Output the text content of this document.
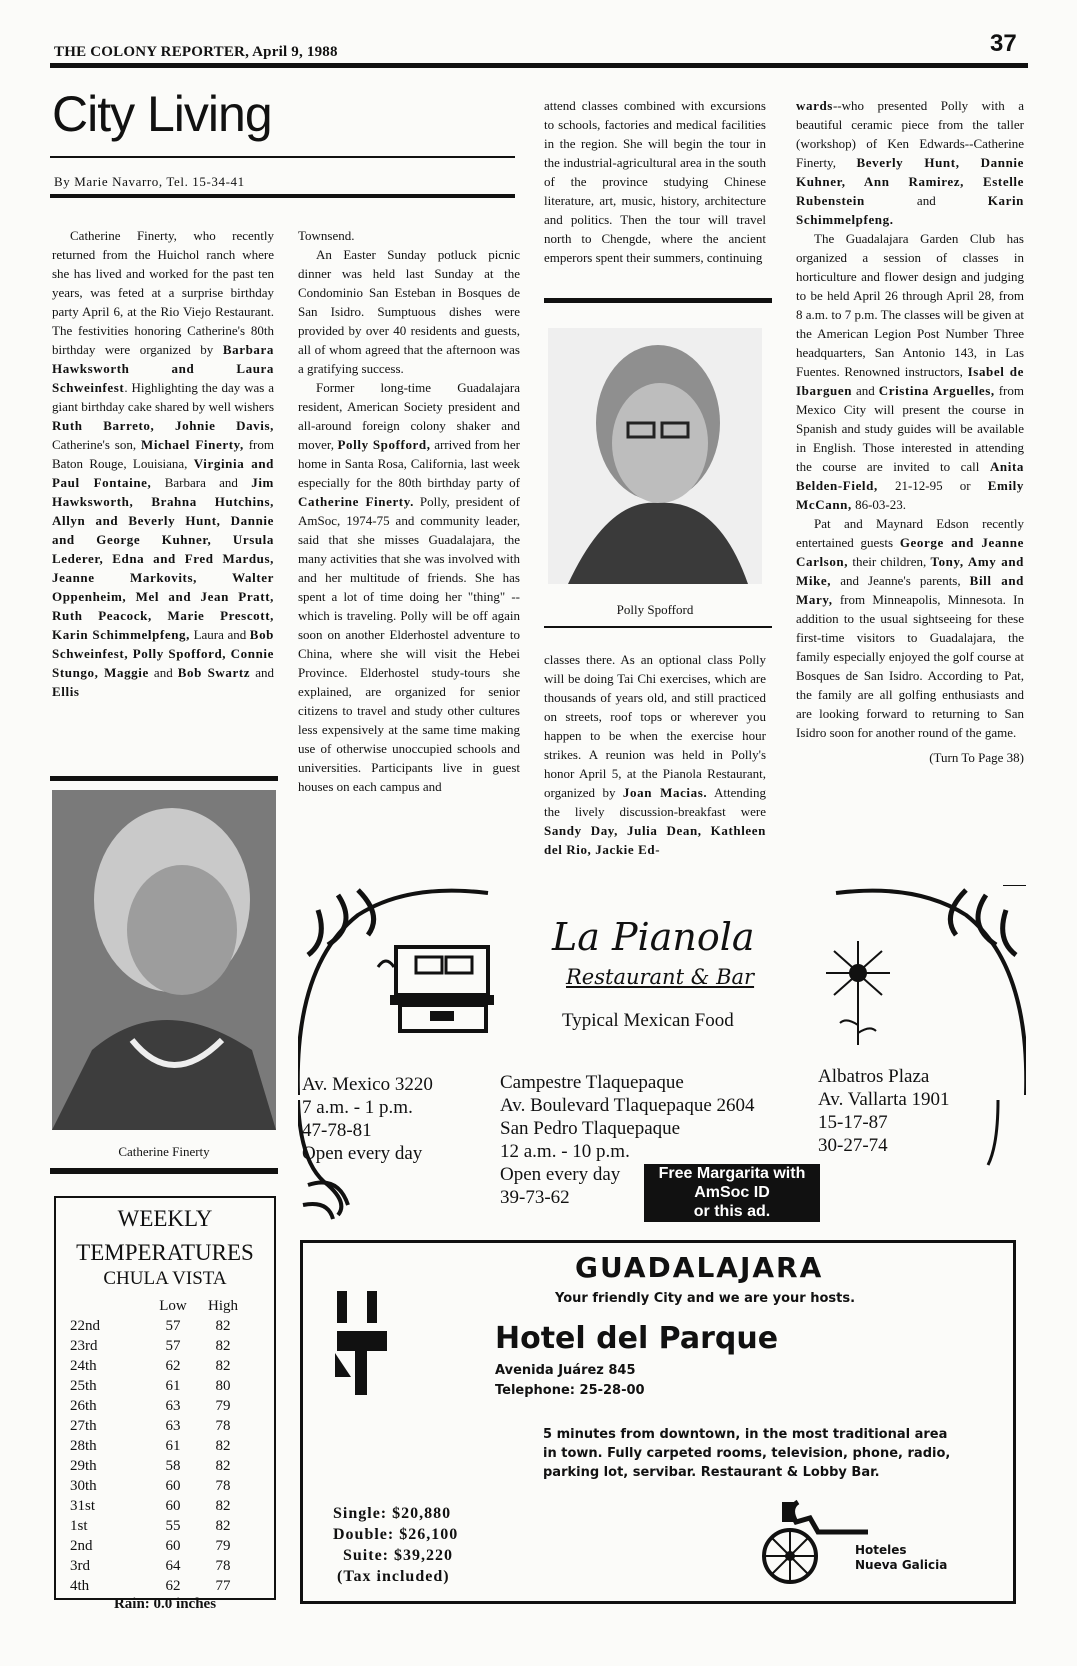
THE COLONY REPORTER, April 9, 1988	37
City Living
By Marie Navarro, Tel. 15-34-41

Catherine Finerty, who recently returned from the Huichol ranch where she has lived and worked for the past ten years, was feted at a surprise birthday party April 6, at the Rio Viejo Restaurant. The festivities honoring Catherine's 80th birthday were organized by Barbara Hawksworth and Laura Schweinfest. Highlighting the day was a giant birthday cake shared by well wishers Ruth Barreto, Johnie Davis, Catherine's son, Michael Finerty, from Baton Rouge, Louisiana, Virginia and Paul Fontaine, Barbara and Jim Hawksworth, Brahna Hutchins, Allyn and Beverly Hunt, Dannie and George Kuhner, Ursula Lederer, Edna and Fred Mardus, Jeanne Markovits, Walter Oppenheim, Mel and Jean Pratt, Ruth Peacock, Marie Prescott, Karin Schimmelpfeng, Laura and Bob Schweinfest, Polly Spofford, Connie Stungo, Maggie and Bob Swartz and Ellis

Catherine Finerty
WEEKLY
TEMPERATURES
CHULA VISTA
	Low	High
22nd	57	82
23rd	57	82
24th	62	82
25th	61	80
26th	63	79
27th	63	78
28th	61	82
29th	58	82
30th	60	78
31st	60	82
1st	55	82
2nd	60	79
3rd	64	78
4th	62	77
Rain: 0.0 inches

Townsend.

An Easter Sunday potluck picnic dinner was held last Sunday at the Condominio San Esteban in Bosques de San Isidro. Sumptuous dishes were provided by over 40 residents and guests, all of whom agreed that the afternoon was a gratifying success.

Former long-time Guadalajara resident, American Society president and all-around foreign colony shaker and mover, Polly Spofford, arrived from her home in Santa Rosa, California, last week especially for the 80th birthday party of Catherine Finerty. Polly, president of AmSoc, 1974-75 and community leader, said that she misses Guadalajara, the many activities that she was involved with and her multitude of friends. She has spent a lot of time doing her "thing" --which is traveling. Polly will be off again soon on another Elderhostel adventure to China, where she will visit the Hebei Province. Elderhostel study-tours she explained, are organized for senior citizens to travel and study other cultures less expensively at the same time making use of otherwise unoccupied schools and universities. Participants live in guest houses on each campus and

attend classes combined with excursions to schools, factories and medical facilities in the region. She will begin the tour in the industrial-agricultural area in the south of the province studying Chinese literature, art, music, history, architecture and politics. Then the tour will travel north to Chengde, where the ancient emperors spent their summers, continuing

Polly Spofford

classes there. As an optional class Polly will be doing Tai Chi exercises, which are thousands of years old, and still practiced on streets, roof tops or wherever you happen to be when the exercise hour strikes. A reunion was held in Polly's honor April 5, at the Pianola Restaurant, organized by Joan Macias. Attending the lively discussion-breakfast were Sandy Day, Julia Dean, Kathleen del Rio, Jackie Ed-

wards--who presented Polly with a beautiful ceramic piece from the taller (workshop) of Ken Edwards--Catherine Finerty, Beverly Hunt, Dannie Kuhner, Ann Ramirez, Estelle Rubenstein and Karin Schimmelpfeng.

The Guadalajara Garden Club has organized a session of classes in horticulture and flower design and judging to be held April 26 through April 28, from 8 a.m. to 7 p.m. The classes will be given at the American Legion Post Number Three headquarters, San Antonio 143, in Las Fuentes. Renowned instructors, Isabel de Ibarguen and Cristina Arguelles, from Mexico City will present the course in Spanish and study guides will be available in English. Those interested in attending the course are invited to call Anita Belden-Field, 21-12-95 or Emily McCann, 86-03-23.

Pat and Maynard Edson recently entertained guests George and Jeanne Carlson, their children, Tony, Amy and Mike, and Jeanne's parents, Bill and Mary, from Minneapolis, Minnesota. In addition to the usual sightseeing for these first-time visitors to Guadalajara, the family especially enjoyed the golf course at Bosques de San Isidro. According to Pat, the family are all golfing enthusiasts and are looking forward to returning to San Isidro soon for another round of the game.

(Turn To Page 38)
La Pianola
Restaurant & Bar
Typical Mexican Food
Av. Mexico 3220
7 a.m. - 1 p.m.
47-78-81
Open every day
Campestre Tlaquepaque
Av. Boulevard Tlaquepaque 2604
San Pedro Tlaquepaque
12 a.m. - 10 p.m.
Open every day
39-73-62
Albatros Plaza
Av. Vallarta 1901
15-17-87
30-27-74
Free Margarita with
AmSoc ID
or this ad.
GUADALAJARA
Your friendly City and we are your hosts.
Hotel del Parque
Avenida Juárez 845
Telephone: 25-28-00
5 minutes from downtown, in the most traditional area in town. Fully carpeted rooms, television, phone, radio, parking lot, servibar. Restaurant & Lobby Bar.
Single: $20,880
Double: $26,100
Suite: $39,220
(Tax included)
Hoteles
Nueva Galicia
